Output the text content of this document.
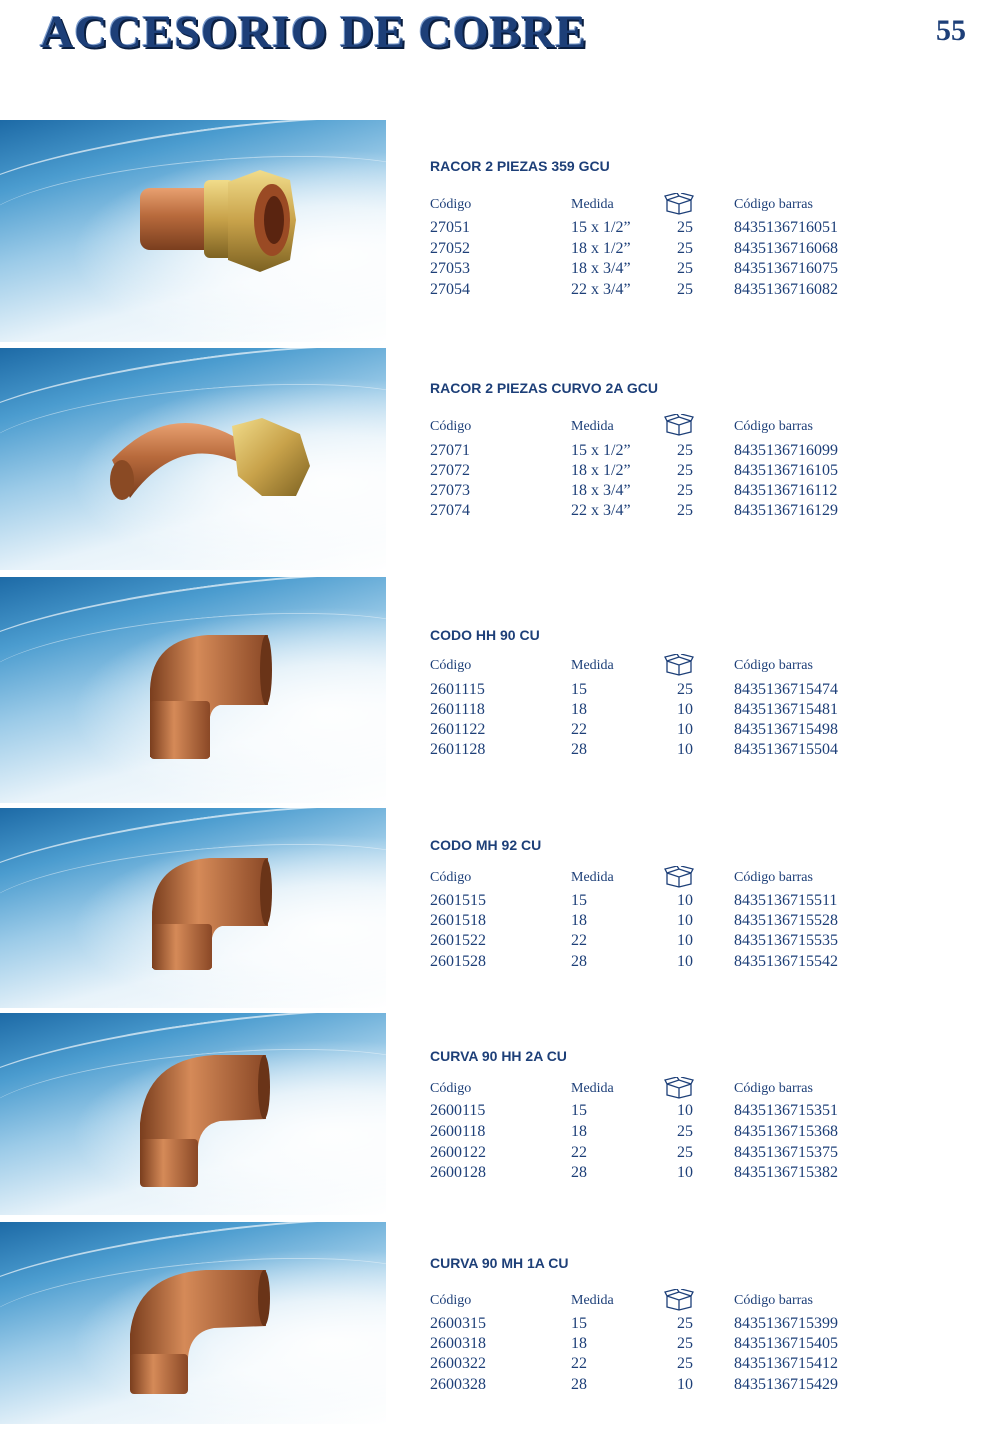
ACCESORIO DE COBRE	55
RACOR 2 PIEZAS 359 GCU
Código	Medida	Código barras
27051	15 x 1/2”	25	8435136716051
27052	18 x 1/2”	25	8435136716068
27053	18 x 3/4”	25	8435136716075
27054	22 x 3/4”	25	8435136716082
RACOR 2 PIEZAS CURVO 2A GCU
Código	Medida	Código barras
27071	15 x 1/2”	25	8435136716099
27072	18 x 1/2”	25	8435136716105
27073	18 x 3/4”	25	8435136716112
27074	22 x 3/4”	25	8435136716129
CODO HH 90 CU
Código	Medida	Código barras
2601115	15	25	8435136715474
2601118	18	10	8435136715481
2601122	22	10	8435136715498
2601128	28	10	8435136715504
CODO MH 92 CU
Código	Medida	Código barras
2601515	15	10	8435136715511
2601518	18	10	8435136715528
2601522	22	10	8435136715535
2601528	28	10	8435136715542
CURVA 90 HH 2A CU
Código	Medida	Código barras
2600115	15	10	8435136715351
2600118	18	25	8435136715368
2600122	22	25	8435136715375
2600128	28	10	8435136715382
CURVA 90 MH 1A CU
Código	Medida	Código barras
2600315	15	25	8435136715399
2600318	18	25	8435136715405
2600322	22	25	8435136715412
2600328	28	10	8435136715429
